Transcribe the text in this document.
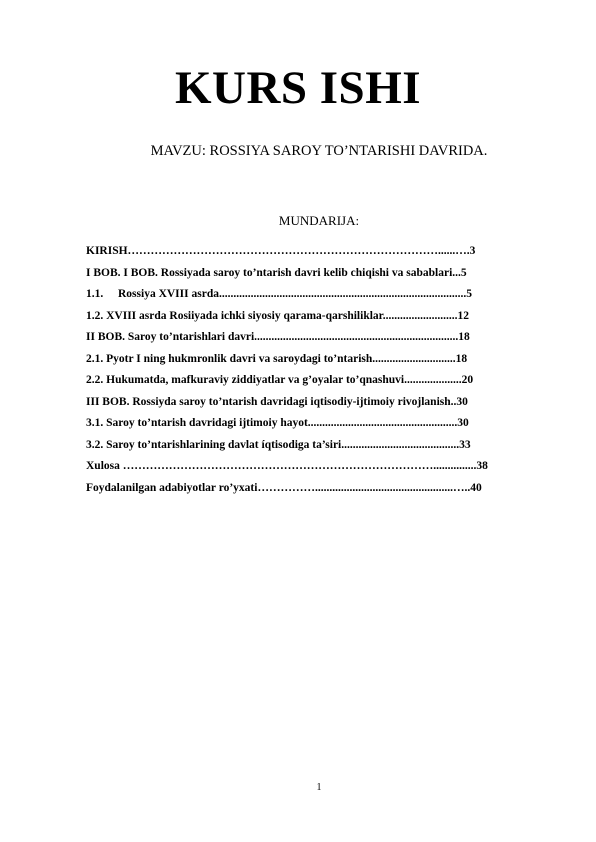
KURS ISHI
MAVZU: ROSSIYA SAROY TO’NTARISHI DAVRIDA.
MUNDARIJA:
KIRISH………………………………………………………………………......….3
I BOB. I BOB. Rossiyada saroy to’ntarish davri kelib chiqishi va sabablari...5
1.1. Rossiya XVIII asrda......................................................................................5
1.2. XVIII asrda Rosiiyada ichki siyosiy qarama-qarshiliklar..........................12
II BOB. Saroy to’ntarishlari davri.......................................................................18
2.1. Pyotr I ning hukmronlik davri va saroydagi to’ntarish.............................18
2.2. Hukumatda, mafkuraviy ziddiyatlar va g’oyalar to’qnashuvi....................20
III BOB. Rossiyda saroy to’ntarish davridagi iqtisodiy-ijtimoiy rivojlanish..30
3.1. Saroy to’ntarish davridagi ijtimoiy hayot....................................................30
3.2. Saroy to’ntarishlarining davlat íqtisodiga ta’siri.........................................33
Xulosa ………………………………………………………………………...............38
Foydalanilgan adabiyotlar ro’yxati……………................................................…..40
1
